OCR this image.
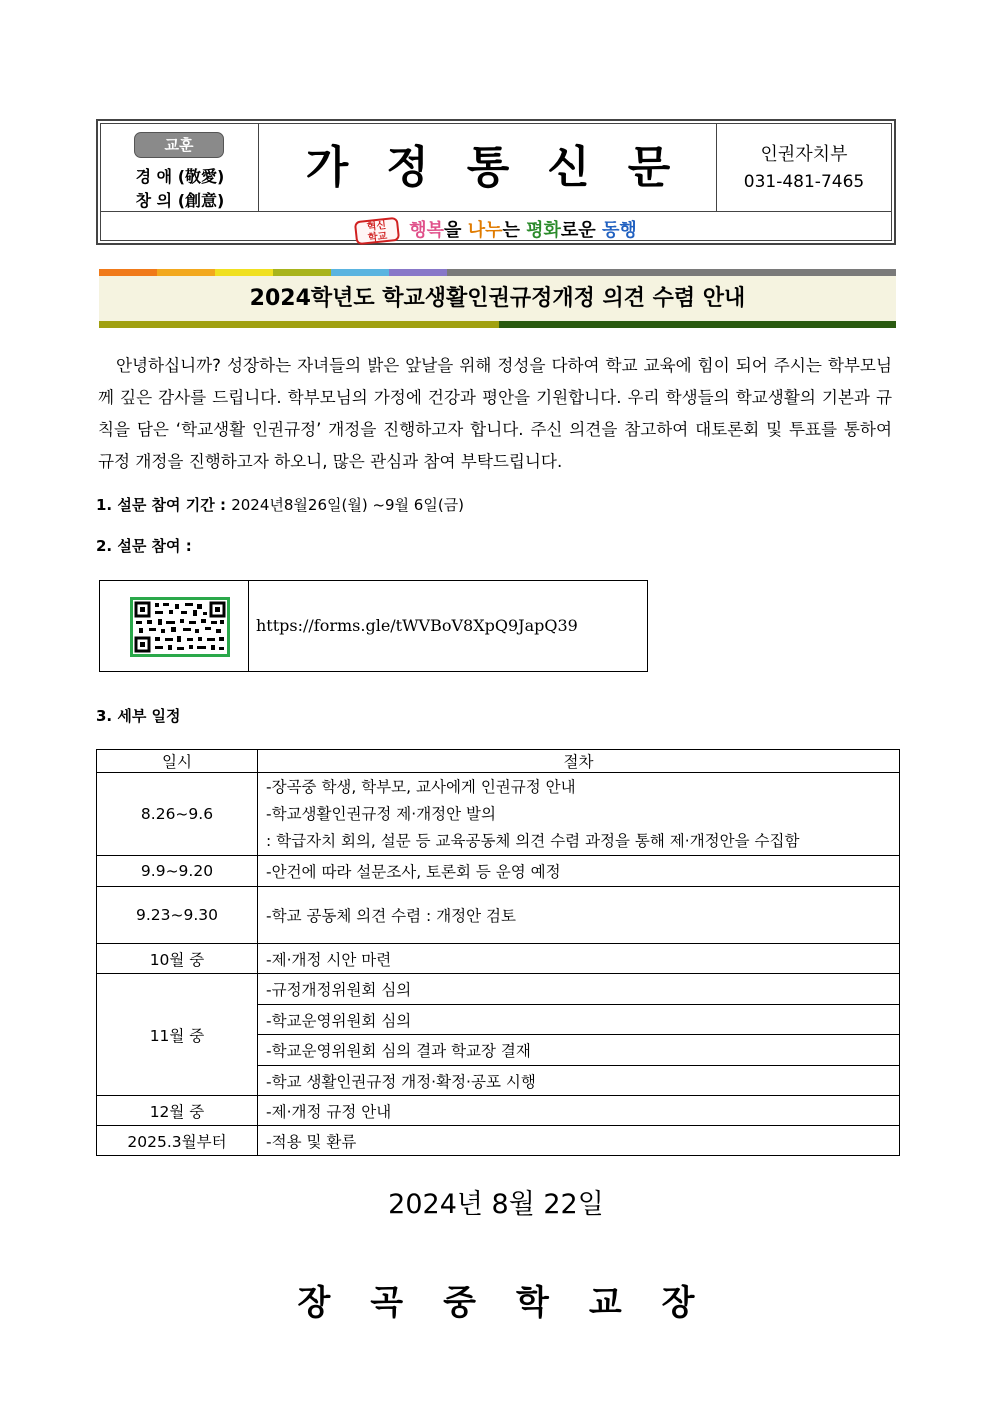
교훈
경 애 (敬愛)
창 의 (創意)
가정통신문	인권자치부
031-481-7465
혁신
학교 행복을 나누는 평화로운 동행
2024학년도 학교생활인권규정개정 의견 수렴 안내
안녕하십니까? 성장하는 자녀들의 밝은 앞날을 위해 정성을 다하여 학교 교육에 힘이 되어 주시는 학부모님께 깊은 감사를 드립니다. 학부모님의 가정에 건강과 평안을 기원합니다. 우리 학생들의 학교생활의 기본과 규칙을 담은 ‘학교생활 인권규정’ 개정을 진행하고자 합니다. 주신 의견을 참고하여 대토론회 및 투표를 통하여 규정 개정을 진행하고자 하오니, 많은 관심과 참여 부탁드립니다.
1. 설문 참여 기간 : 2024년8월26일(월) ~9월 6일(금)
2. 설문 참여 :
https://forms.gle/tWVBoV8XpQ9JapQ39
3. 세부 일정
일시	절차
8.26~9.6	-장곡중 학생, 학부모, 교사에게 인권규정 안내
-학교생활인권규정 제·개정안 발의
: 학급자치 회의, 설문 등 교육공동체 의견 수렴 과정을 통해 제·개정안을 수집함

9.9~9.20	-안건에 따라 설문조사, 토론회 등 운영 예정
9.23~9.30	-학교 공동체 의견 수렴 : 개정안 검토
10월 중	-제·개정 시안 마련
11월 중	-규정개정위원회 심의
	-학교운영위원회 심의
	-학교운영위원회 심의 결과 학교장 결재
	-학교 생활인권규정 개정·확정·공포 시행
12월 중	-제·개정 규정 안내
2025.3월부터	-적용 및 환류
2024년 8월 22일
장곡중학교장
